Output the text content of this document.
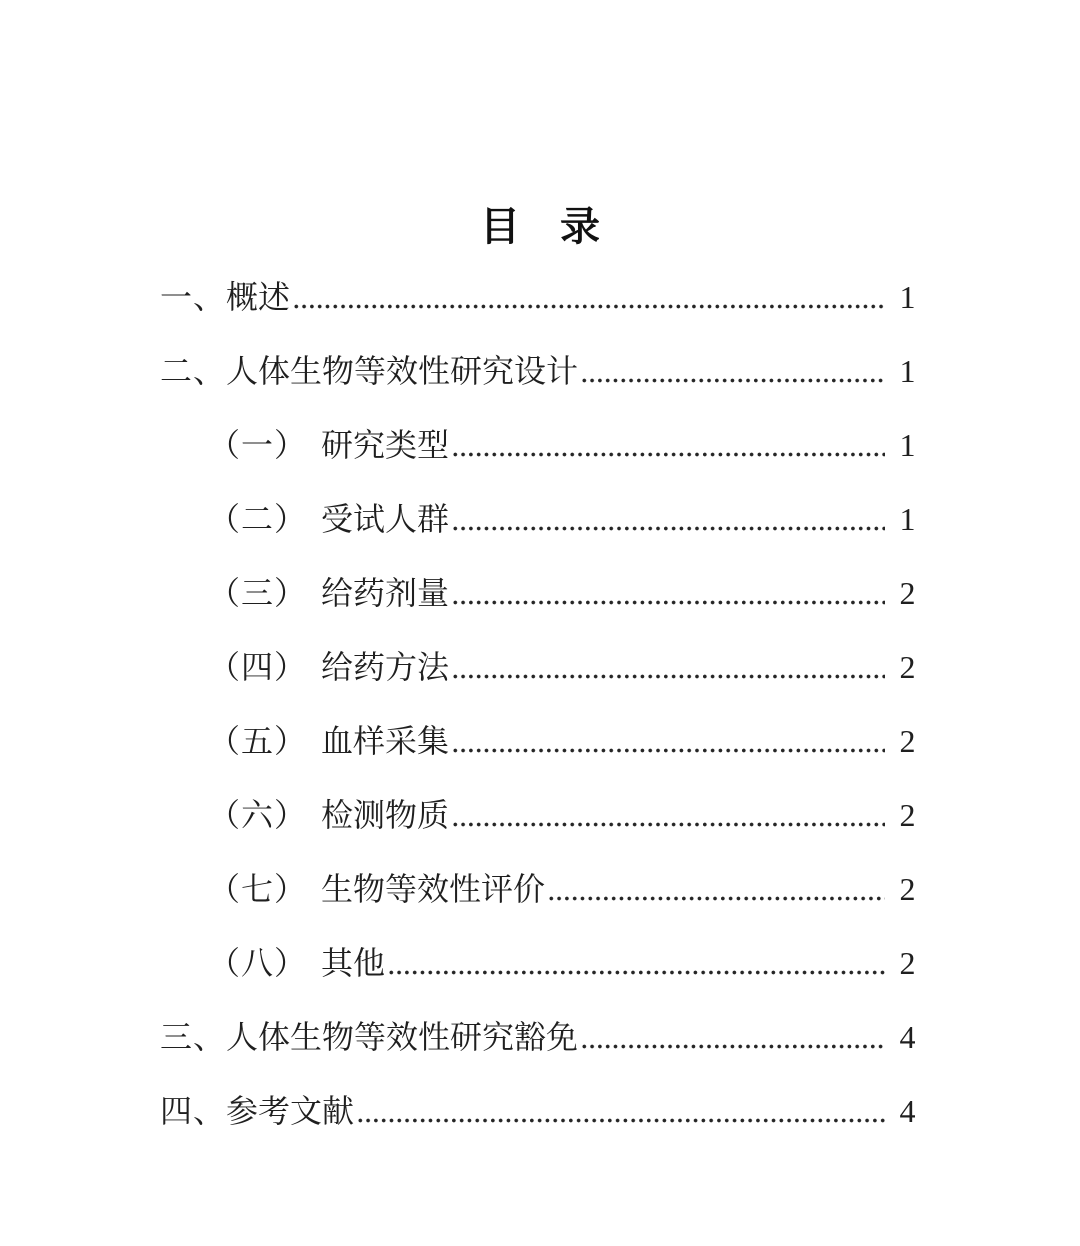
目　录
一、 概述	1
二、 人体生物等效性研究设计	1
（一） 研究类型	1
（二） 受试人群	1
（三） 给药剂量	2
（四） 给药方法	2
（五） 血样采集	2
（六） 检测物质	2
（七） 生物等效性评价	2
（八） 其他	2
三、 人体生物等效性研究豁免	4
四、 参考文献	4
